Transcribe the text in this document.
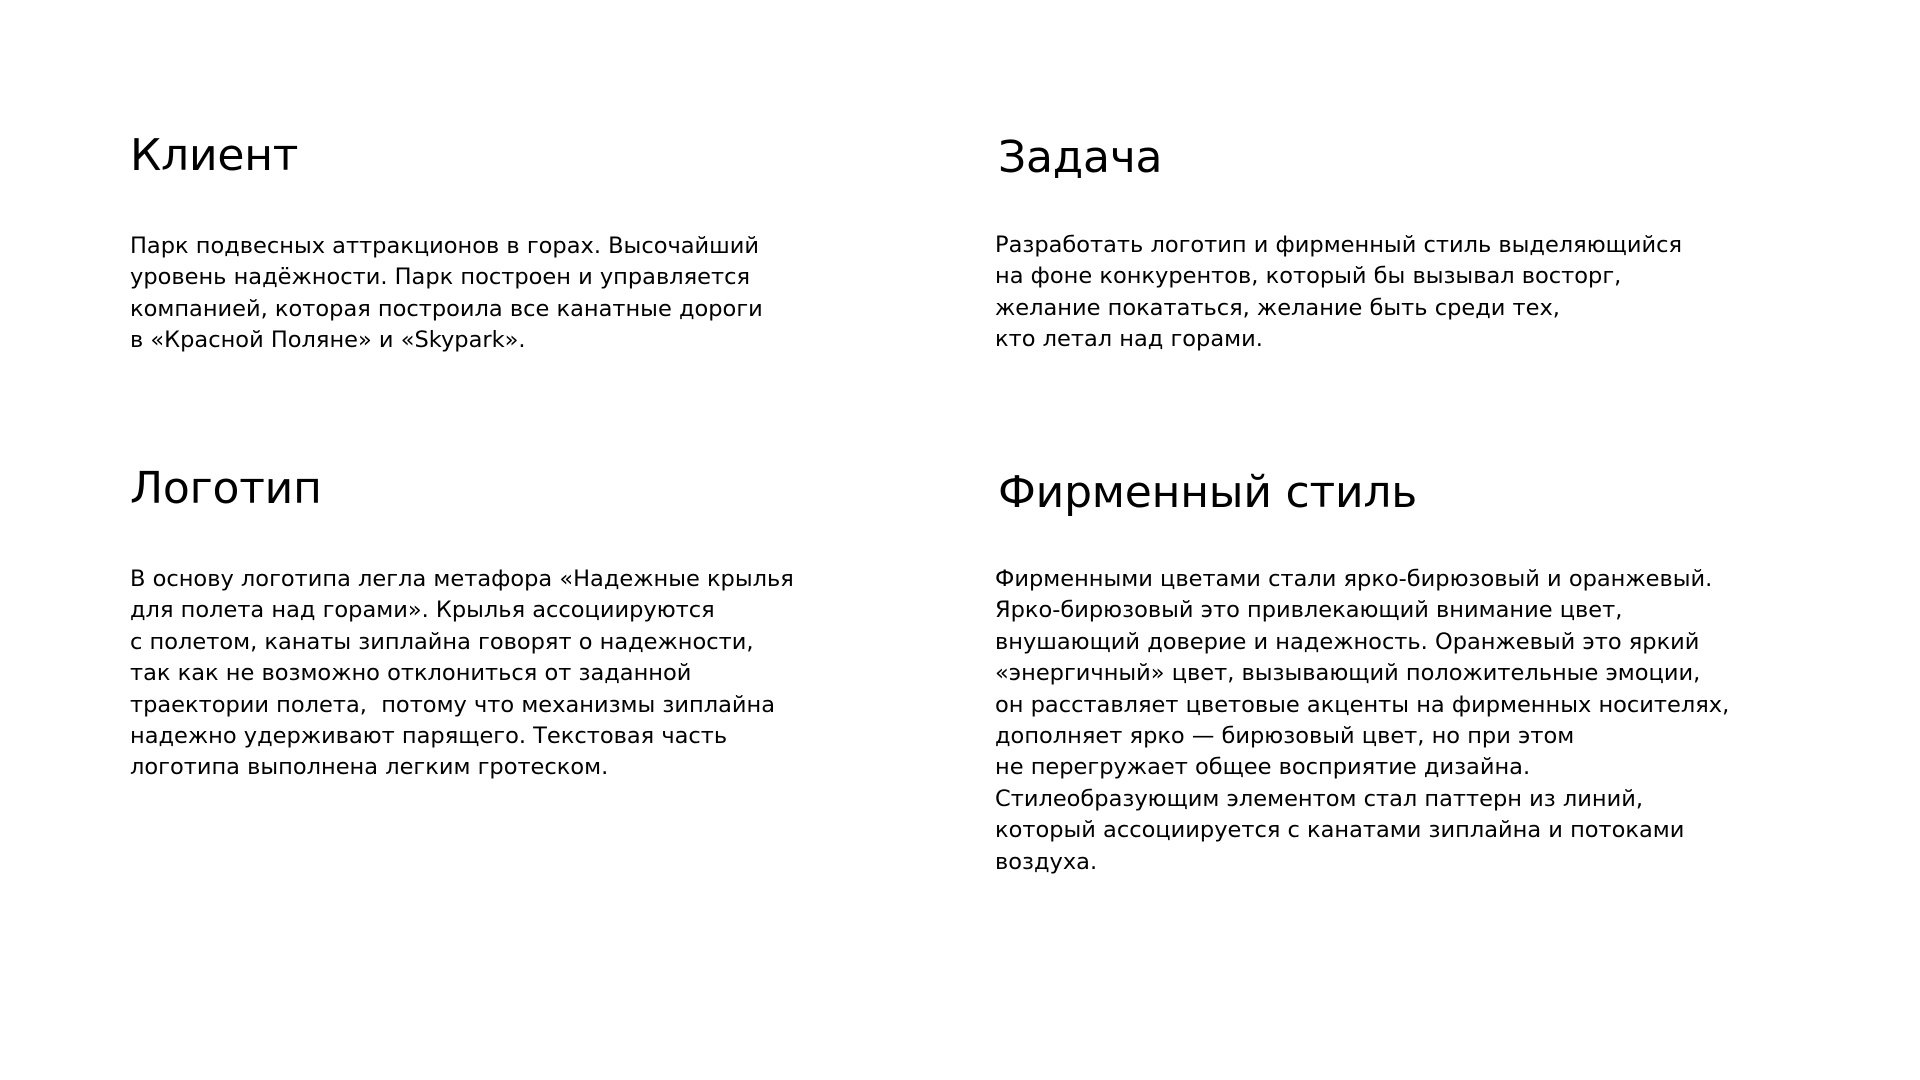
Клиент

Парк подвесных аттракционов в горах. Высочайший
уровень надёжности. Парк построен и управляется
компанией, которая построила все канатные дороги
в «Красной Поляне» и «Skypark».

Задача

Разработать логотип и фирменный стиль выделяющийся
на фоне конкурентов, который бы вызывал восторг,
желание покататься, желание быть среди тех,
кто летал над горами.

Логотип

В основу логотипа легла метафора «Надежные крылья
для полета над горами». Крылья ассоциируются
с полетом, канаты зиплайна говорят о надежности,
так как не возможно отклониться от заданной
траектории полета,  потому что механизмы зиплайна
надежно удерживают парящего. Текстовая часть
логотипа выполнена легким гротеском.

Фирменный стиль

Фирменными цветами стали ярко-бирюзовый и оранжевый.
Ярко-бирюзовый это привлекающий внимание цвет,
внушающий доверие и надежность. Оранжевый это яркий
«энергичный» цвет, вызывающий положительные эмоции,
он расставляет цветовые акценты на фирменных носителях,
дополняет ярко — бирюзовый цвет, но при этом
не перегружает общее восприятие дизайна.
Стилеобразующим элементом стал паттерн из линий,
который ассоциируется с канатами зиплайна и потоками
воздуха.
